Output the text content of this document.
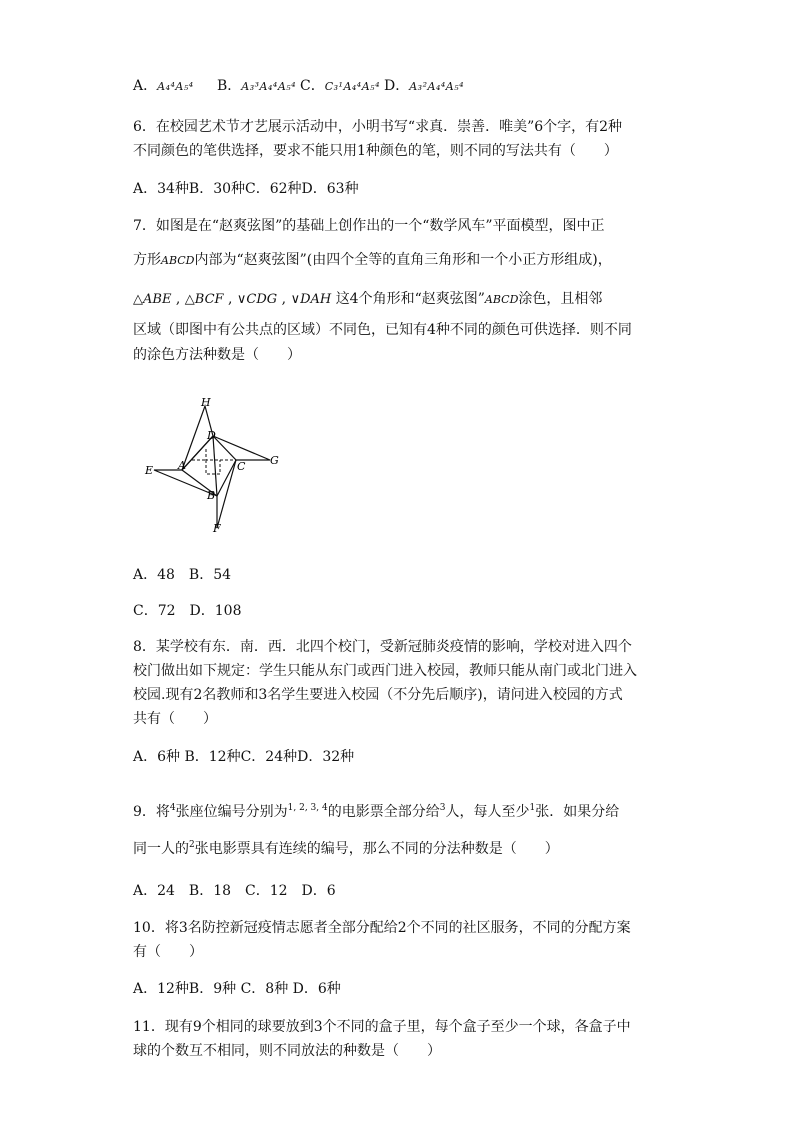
A．A₄⁴A₅⁴ B．A₃³A₄⁴A₅⁴ C．C₃¹A₄⁴A₅⁴ D．A₃²A₄⁴A₅⁴
6．在校园艺术节才艺展示活动中，小明书写“求真．崇善．唯美”6个字，有2种
不同颜色的笔供选择，要求不能只用1种颜色的笔，则不同的写法共有（　　）
A．34种B．30种C．62种D．63种
7．如图是在“赵爽弦图”的基础上创作出的一个“数学风车”平面模型，图中正
方形ABCD内部为“赵爽弦图”(由四个全等的直角三角形和一个小正方形组成)，
△ABE , △BCF , ∨CDG , ∨DAH 这4个角形和“赵爽弦图”ABCD涂色，且相邻
区域（即图中有公共点的区域）不同色，已知有4种不同的颜色可供选择．则不同
的涂色方法种数是（　　）
H
D
E A	C G
B
F
A．48　B．54
C．72　D．108
8．某学校有东．南．西．北四个校门，受新冠肺炎疫情的影响，学校对进入四个
校门做出如下规定：学生只能从东门或西门进入校园，教师只能从南门或北门进入
校园.现有2名教师和3名学生要进入校园（不分先后顺序)，请问进入校园的方式
共有（　　）
A．6种 B．12种C．24种D．32种
9．将$^4$张座位编号分别为$^{1, 2, 3, 4}$的电影票全部分给$^3$人，每人至少$^1$张．如果分给
同一人的$^2$张电影票具有连续的编号，那么不同的分法种数是（　　）
A．24　B．18　C．12　D．6
10．将3名防控新冠疫情志愿者全部分配给2个不同的社区服务，不同的分配方案
有（　　）
A．12种B．9种 C．8种 D．6种
11．现有9个相同的球要放到3个不同的盒子里，每个盒子至少一个球，各盒子中
球的个数互不相同，则不同放法的种数是（　　）
